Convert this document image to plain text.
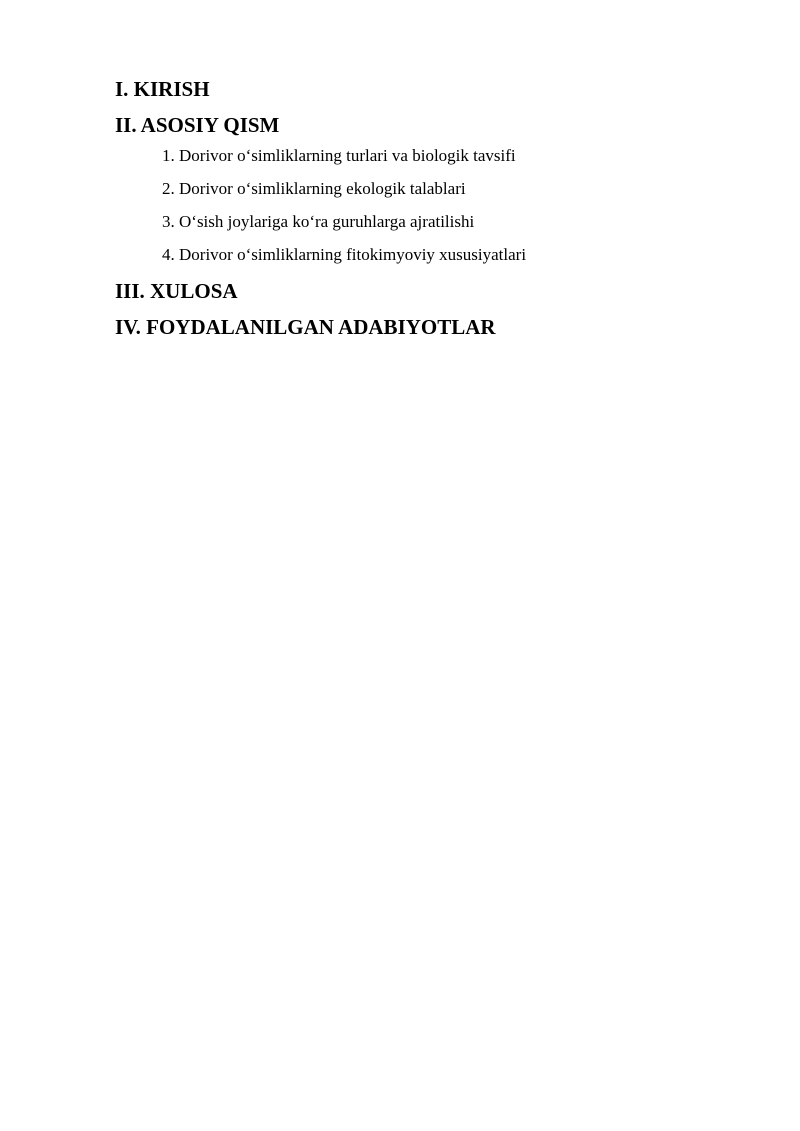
I. KIRISH
II. ASOSIY QISM
1. Dorivor o‘simliklarning turlari va biologik tavsifi
2. Dorivor o‘simliklarning ekologik talablari
3. O‘sish joylariga ko‘ra guruhlarga ajratilishi
4. Dorivor o‘simliklarning fitokimyoviy xususiyatlari
III. XULOSA
IV. FOYDALANILGAN ADABIYOTLAR
